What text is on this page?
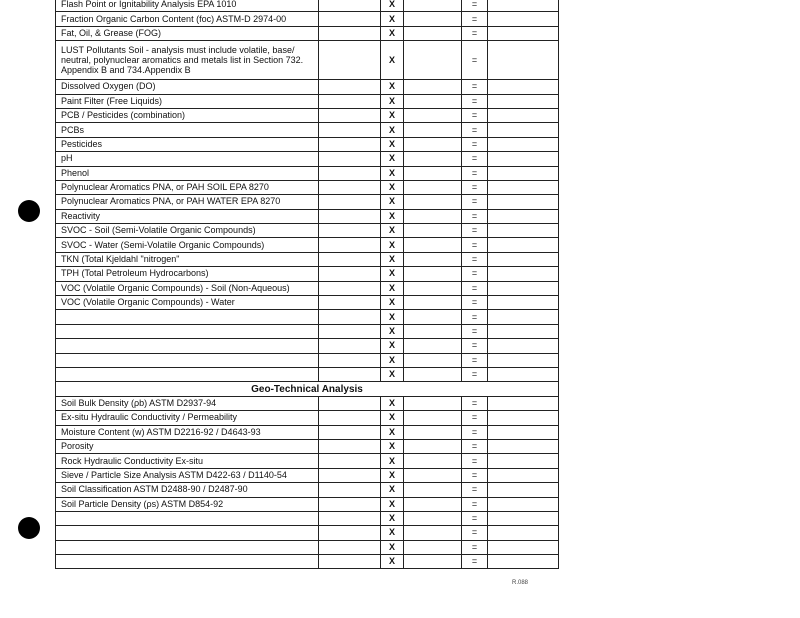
Flash Point or Ignitability Analysis EPA 1010		X		=	
Fraction Organic Carbon Content (foc) ASTM-D 2974-00		X		=	
Fat, Oil, & Grease (FOG)		X		=	
LUST Pollutants Soil - analysis must include volatile, base/ neutral, polynuclear aromatics and metals list in Section 732. Appendix B and 734.Appendix B		X		=	
Dissolved Oxygen (DO)		X		=	
Paint Filter (Free Liquids)		X		=	
PCB / Pesticides (combination)		X		=	
PCBs		X		=	
Pesticides		X		=	
pH		X		=	
Phenol		X		=	
Polynuclear Aromatics PNA, or PAH SOIL EPA 8270		X		=	
Polynuclear Aromatics PNA, or PAH WATER EPA 8270		X		=	
Reactivity		X		=	
SVOC - Soil (Semi-Volatile Organic Compounds)		X		=	
SVOC - Water (Semi-Volatile Organic Compounds)		X		=	
TKN (Total Kjeldahl "nitrogen"		X		=	
TPH (Total Petroleum Hydrocarbons)		X		=	
VOC (Volatile Organic Compounds) - Soil (Non-Aqueous)		X		=	
VOC (Volatile Organic Compounds) - Water		X		=	
		X		=	
		X		=	
		X		=	
		X		=	
		X		=	
Geo-Technical Analysis					
Soil Bulk Density (ρb) ASTM D2937-94		X		=	
Ex-situ Hydraulic Conductivity / Permeability		X		=	
Moisture Content (w) ASTM D2216-92 / D4643-93		X		=	
Porosity		X		=	
Rock Hydraulic Conductivity Ex-situ		X		=	
Sieve / Particle Size Analysis ASTM D422-63 / D1140-54		X		=	
Soil Classification ASTM D2488-90 / D2487-90		X		=	
Soil Particle Density (ρs) ASTM D854-92		X		=	
		X		=	
		X		=	
		X		=	
		X		=	
R.088
